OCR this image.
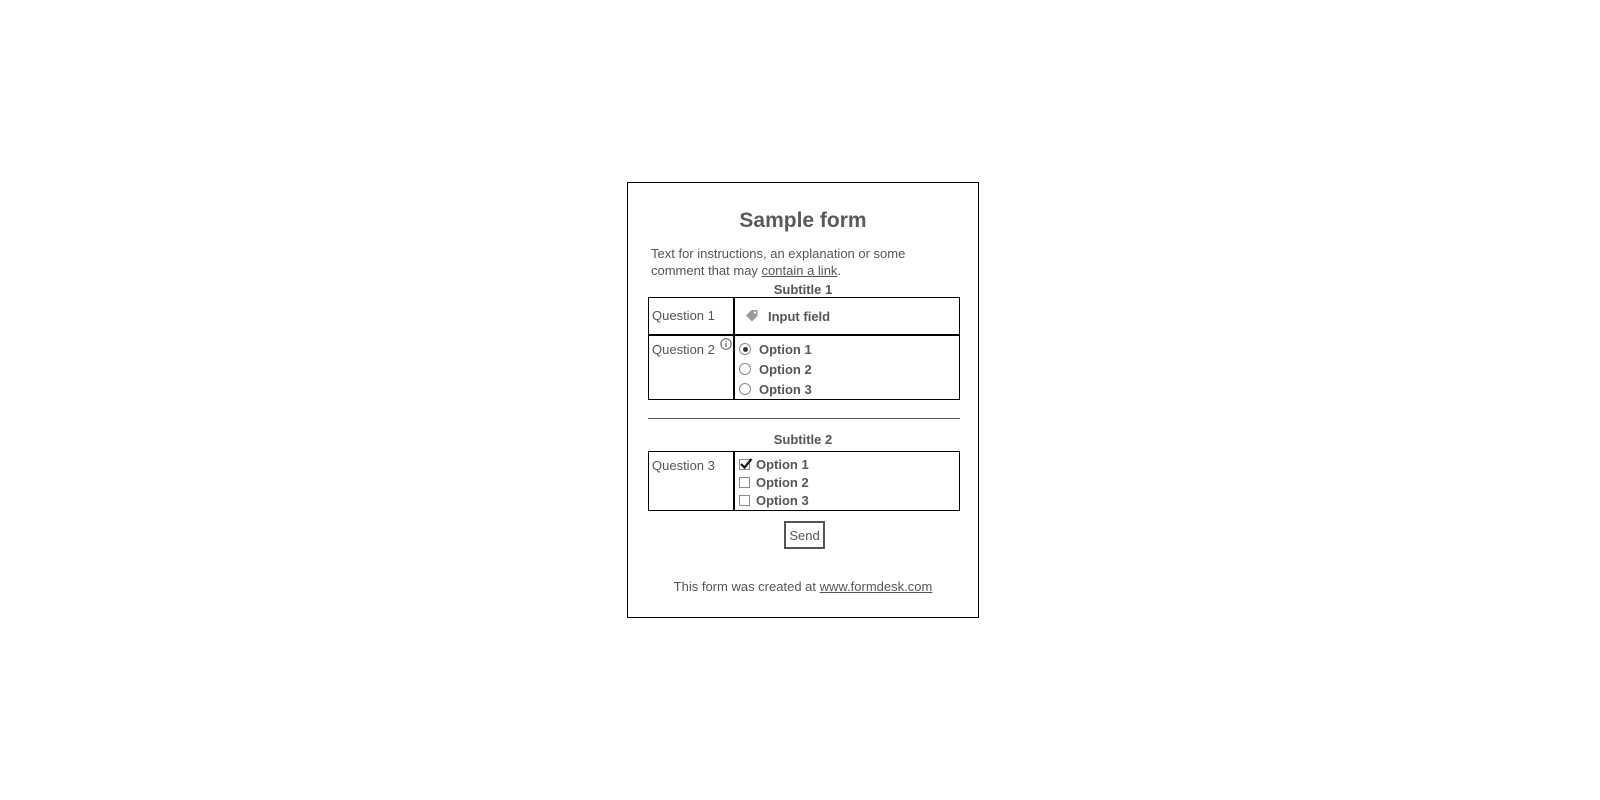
Sample form
Text for instructions, an explanation or some comment that may contain a link.
Subtitle 1
Question 1
Input field
Question 2	Option 1
Option 2
Option 3
Subtitle 2
Question 3	Option 1
Option 2
Option 3
Send
This form was created at www.formdesk.com
